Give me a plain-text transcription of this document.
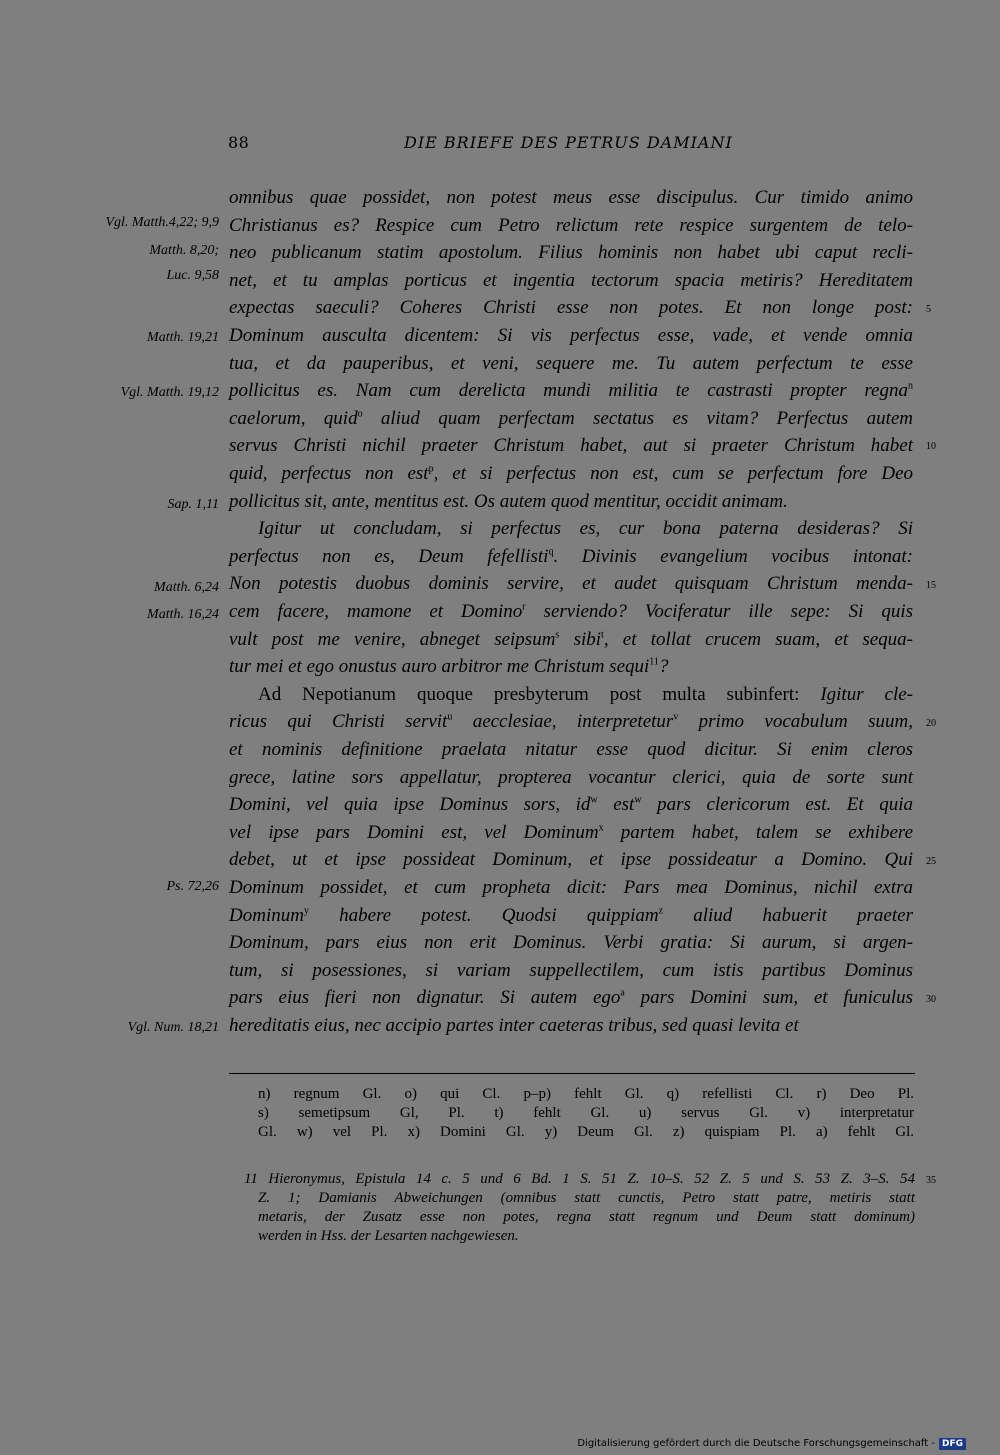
88	DIE BRIEFE DES PETRUS DAMIANI
omnibus quae possidet, non potest meus esse discipulus. Cur timido animo
Christianus es? Respice cum Petro relictum rete respice surgentem de telo-
neo publicanum statim apostolum. Filius hominis non habet ubi caput recli-
net, et tu amplas porticus et ingentia tectorum spacia metiris? Hereditatem
expectas saeculi? Coheres Christi esse non potes. Et non longe post:
Dominum ausculta dicentem: Si vis perfectus esse, vade, et vende omnia
tua, et da pauperibus, et veni, sequere me. Tu autem perfectum te esse
pollicitus es. Nam cum derelicta mundi militia te castrasti propter regna$^n$
caelorum, quid$^o$ aliud quam perfectam sectatus es vitam? Perfectus autem
servus Christi nichil praeter Christum habet, aut si praeter Christum habet
quid, perfectus non est$^p$, et si perfectus non est, cum se perfectum fore Deo
pollicitus sit, ante, mentitus est. Os autem quod mentitur, occidit animam.
Igitur ut concludam, si perfectus es, cur bona paterna desideras? Si
perfectus non es, Deum fefellisti$^q$. Divinis evangelium vocibus intonat:
Non potestis duobus dominis servire, et audet quisquam Christum menda-
cem facere, mamone et Domino$^r$ serviendo? Vociferatur ille sepe: Si quis
vult post me venire, abneget seipsum$^s$ sibi$^t$, et tollat crucem suam, et sequa-
tur mei et ego onustus auro arbitror me Christum sequi$^{11}$?
Ad Nepotianum quoque presbyterum post multa subinfert: Igitur cle-
ricus qui Christi servit$^u$ aecclesiae, interpretetur$^v$ primo vocabulum suum,
et nominis definitione praelata nitatur esse quod dicitur. Si enim cleros
grece, latine sors appellatur, propterea vocantur clerici, quia de sorte sunt
Domini, vel quia ipse Dominus sors, $id^w$ est$^w$ pars clericorum est. Et quia
vel ipse pars Domini est, vel Dominum$^x$ partem habet, talem se exhibere
debet, ut et ipse possideat Dominum, et ipse possideatur a Domino. Qui
Dominum possidet, et cum propheta dicit: Pars mea Dominus, nichil extra
Dominum$^y$ habere potest. Quodsi quippiam$^z$ aliud habuerit praeter
Dominum, pars eius non erit Dominus. Verbi gratia: Si aurum, si argen-
tum, si posessiones, si variam suppellectilem, cum istis partibus Dominus
pars eius fieri non dignatur. Si autem ego$^a$ pars Domini sum, et funiculus
hereditatis eius, nec accipio partes inter caeteras tribus, sed quasi levita et
Vgl. Matth.4,22; 9,9
Matth. 8,20;
Luc. 9,58
Matth. 19,21
Vgl. Matth. 19,12
Sap. 1,11
Matth. 6,24
Matth. 16,24
Ps. 72,26
Vgl. Num. 18,21
5
10
15
20
25
30
35
n) regnum Gl. o) qui Cl. p–p) fehlt Gl. q) refellisti Cl. r) Deo Pl.
s) semetipsum Gl, Pl. t) fehlt Gl. u) servus Gl. v) interpretatur
Gl. w) vel Pl. x) Domini Gl. y) Deum Gl. z) quispiam Pl. a) fehlt Gl.
11 Hieronymus, Epistula 14 c. 5 und 6 Bd. 1 S. 51 Z. 10–S. 52 Z. 5 und S. 53 Z. 3–S. 54
Z. 1; Damianis Abweichungen (omnibus statt cunctis, Petro statt patre, metiris statt
metaris, der Zusatz esse non potes, regna statt regnum und Deum statt dominum)
werden in Hss. der Lesarten nachgewiesen.
Digitalisierung gefördert durch die Deutsche Forschungsgemeinschaft - DFG
